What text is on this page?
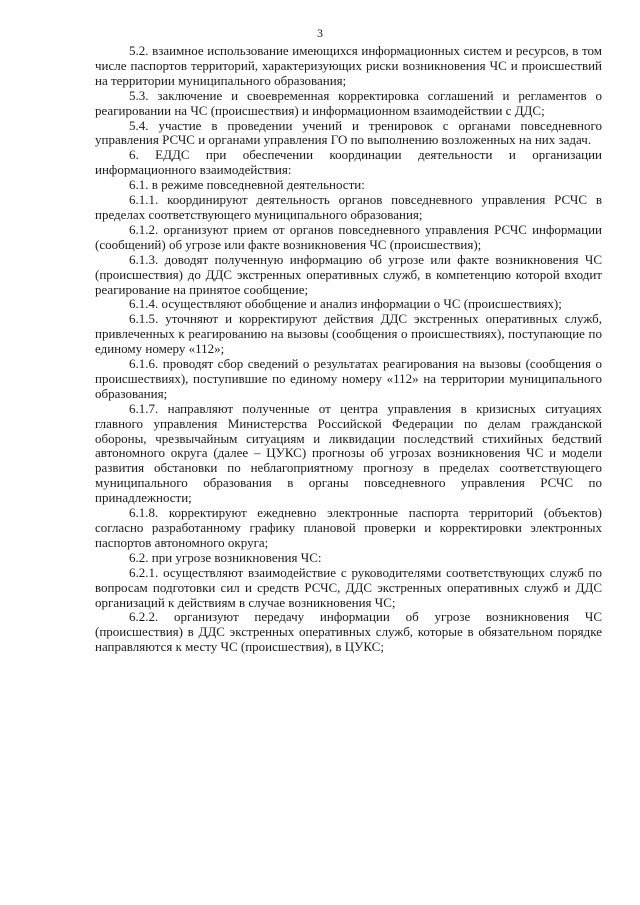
3

5.2. взаимное использование имеющихся информационных систем и ресурсов, в том числе паспортов территорий, характеризующих риски возникновения ЧС и происшествий на территории муниципального образования;

5.3. заключение и своевременная корректировка соглашений и регламентов о реагировании на ЧС (происшествия) и информационном взаимодействии с ДДС;

5.4. участие в проведении учений и тренировок с органами повседневного управления РСЧС и органами управления ГО по выполнению возложенных на них задач.

6. ЕДДС при обеспечении координации деятельности и организации информационного взаимодействия:

6.1. в режиме повседневной деятельности:

6.1.1. координируют деятельность органов повседневного управления РСЧС в пределах соответствующего муниципального образования;

6.1.2. организуют прием от органов повседневного управления РСЧС информации (сообщений) об угрозе или факте возникновения ЧС (происшествия);

6.1.3. доводят полученную информацию об угрозе или факте возникновения ЧС (происшествия) до ДДС экстренных оперативных служб, в компетенцию которой входит реагирование на принятое сообщение;

6.1.4. осуществляют обобщение и анализ информации о ЧС (происшествиях);

6.1.5. уточняют и корректируют действия ДДС экстренных оперативных служб, привлеченных к реагированию на вызовы (сообщения о происшествиях), поступающие по единому номеру «112»;

6.1.6. проводят сбор сведений о результатах реагирования на вызовы (сообщения о происшествиях), поступившие по единому номеру «112» на территории муниципального образования;

6.1.7. направляют полученные от центра управления в кризисных ситуациях главного управления Министерства Российской Федерации по делам гражданской обороны, чрезвычайным ситуациям и ликвидации последствий стихийных бедствий автономного округа (далее – ЦУКС) прогнозы об угрозах возникновения ЧС и модели развития обстановки по неблагоприятному прогнозу в пределах соответствующего муниципального образования в органы повседневного управления РСЧС по принадлежности;

6.1.8. корректируют ежедневно электронные паспорта территорий (объектов) согласно разработанному графику плановой проверки и корректировки электронных паспортов автономного округа;

6.2. при угрозе возникновения ЧС:

6.2.1. осуществляют взаимодействие с руководителями соответствующих служб по вопросам подготовки сил и средств РСЧС, ДДС экстренных оперативных служб и ДДС организаций к действиям в случае возникновения ЧС;

6.2.2. организуют передачу информации об угрозе возникновения ЧС (происшествия) в ДДС экстренных оперативных служб, которые в обязательном порядке направляются к месту ЧС (происшествия), в ЦУКС;
